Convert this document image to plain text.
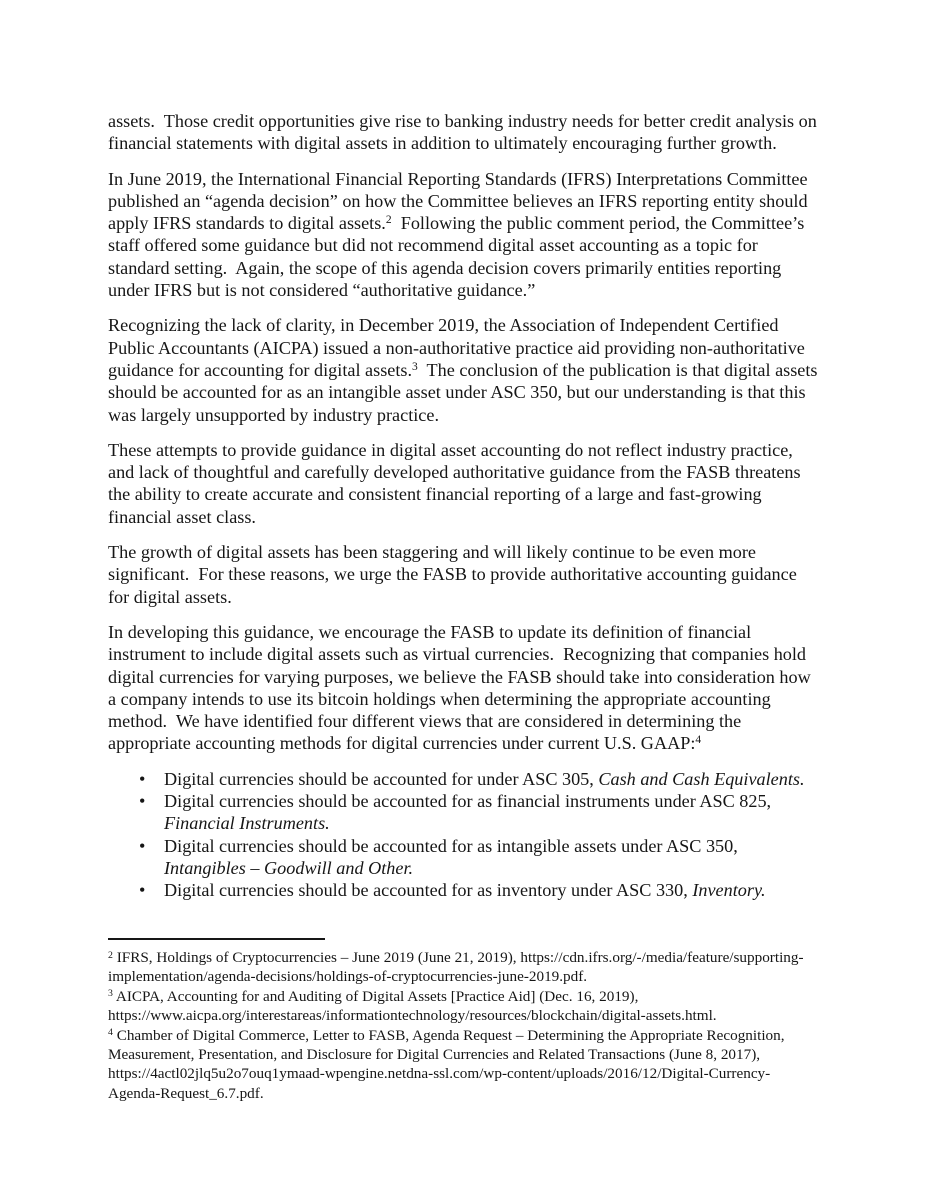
assets.  Those credit opportunities give rise to banking industry needs for better credit analysis on financial statements with digital assets in addition to ultimately encouraging further growth.

In June 2019, the International Financial Reporting Standards (IFRS) Interpretations Committee published an “agenda decision” on how the Committee believes an IFRS reporting entity should apply IFRS standards to digital assets.$^2$  Following the public comment period, the Committee’s staff offered some guidance but did not recommend digital asset accounting as a topic for standard setting.  Again, the scope of this agenda decision covers primarily entities reporting under IFRS but is not considered “authoritative guidance.”

Recognizing the lack of clarity, in December 2019, the Association of Independent Certified Public Accountants (AICPA) issued a non-authoritative practice aid providing non-authoritative guidance for accounting for digital assets.$^3$  The conclusion of the publication is that digital assets should be accounted for as an intangible asset under ASC 350, but our understanding is that this was largely unsupported by industry practice.

These attempts to provide guidance in digital asset accounting do not reflect industry practice, and lack of thoughtful and carefully developed authoritative guidance from the FASB threatens the ability to create accurate and consistent financial reporting of a large and fast-growing financial asset class.

The growth of digital assets has been staggering and will likely continue to be even more significant.  For these reasons, we urge the FASB to provide authoritative accounting guidance for digital assets.

In developing this guidance, we encourage the FASB to update its definition of financial instrument to include digital assets such as virtual currencies.  Recognizing that companies hold digital currencies for varying purposes, we believe the FASB should take into consideration how a company intends to use its bitcoin holdings when determining the appropriate accounting method.  We have identified four different views that are considered in determining the appropriate accounting methods for digital currencies under current U.S. GAAP:$^4$

• Digital currencies should be accounted for under ASC 305, Cash and Cash Equivalents.
• Digital currencies should be accounted for as financial instruments under ASC 825, Financial Instruments.
• Digital currencies should be accounted for as intangible assets under ASC 350, Intangibles – Goodwill and Other.
• Digital currencies should be accounted for as inventory under ASC 330, Inventory.
$^2$ IFRS, Holdings of Cryptocurrencies – June 2019 (June 21, 2019), https://cdn.ifrs.org/-/media/feature/supporting-implementation/agenda-decisions/holdings-of-cryptocurrencies-june-2019.pdf.
$^3$ AICPA, Accounting for and Auditing of Digital Assets [Practice Aid] (Dec. 16, 2019), https://www.aicpa.org/interestareas/informationtechnology/resources/blockchain/digital-assets.html.
$^4$ Chamber of Digital Commerce, Letter to FASB, Agenda Request – Determining the Appropriate Recognition, Measurement, Presentation, and Disclosure for Digital Currencies and Related Transactions (June 8, 2017), https://4actl02jlq5u2o7ouq1ymaad-wpengine.netdna-ssl.com/wp-content/uploads/2016/12/Digital-Currency-Agenda-Request_6.7.pdf.
